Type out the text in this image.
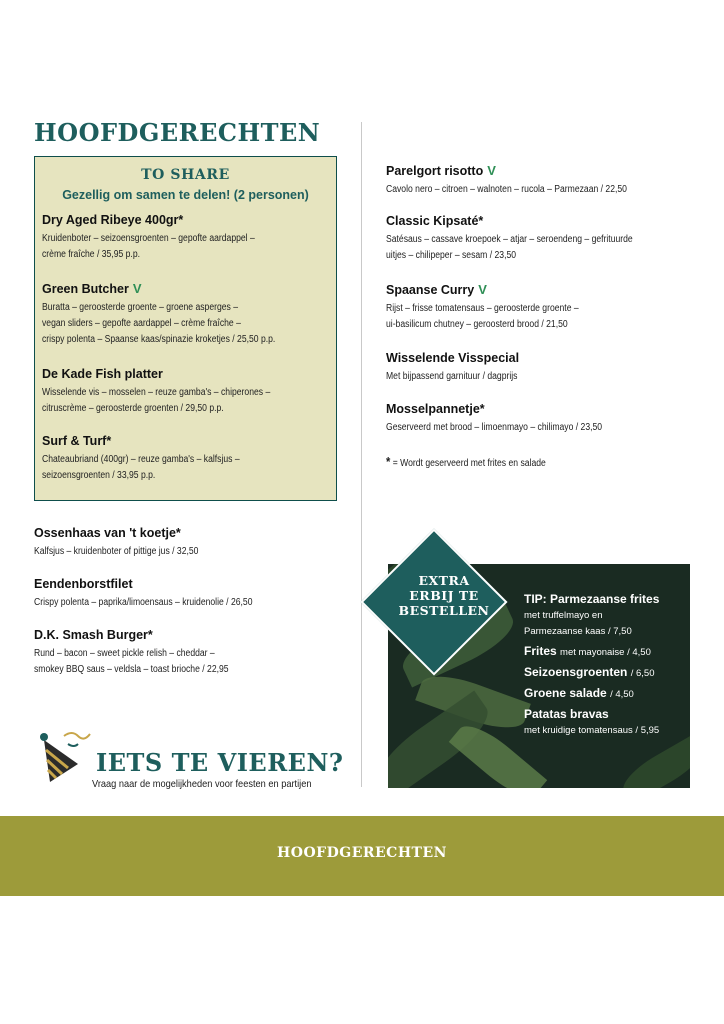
HOOFDGERECHTEN
TO SHARE
Gezellig om samen te delen! (2 personen)
Dry Aged Ribeye 400gr*
Kruidenboter – seizoensgroenten – gepofte aardappel –
crème fraîche / 35,95 p.p.
Green Butcher V
Buratta – geroosterde groente – groene asperges –
vegan sliders – gepofte aardappel – crème fraîche –
crispy polenta – Spaanse kaas/spinazie kroketjes / 25,50 p.p.
De Kade Fish platter
Wisselende vis – mosselen – reuze gamba's – chiperones –
citruscrème – geroosterde groenten / 29,50 p.p.
Surf & Turf*
Chateaubriand (400gr) – reuze gamba's – kalfsjus –
seizoensgroenten / 33,95 p.p.
Ossenhaas van 't koetje*
Kalfsjus – kruidenboter of pittige jus / 32,50
Eendenborstfilet
Crispy polenta – paprika/limoensaus – kruidenolie / 26,50
D.K. Smash Burger*
Rund – bacon – sweet pickle relish – cheddar –
smokey BBQ saus – veldsla – toast brioche / 22,95
Parelgort risotto V
Cavolo nero – citroen – walnoten – rucola – Parmezaan / 22,50
Classic Kipsaté*
Satésaus – cassave kroepoek – atjar – seroendeng – gefrituurde
uitjes – chilipeper – sesam / 23,50
Spaanse Curry V
Rijst – frisse tomatensaus – geroosterde groente –
ui-basilicum chutney – geroosterd brood / 21,50
Wisselende Visspecial
Met bijpassend garnituur / dagprijs
Mosselpannetje*
Geserveerd met brood – limoenmayo – chilimayo / 23,50
* = Wordt geserveerd met frites en salade
EXTRA
ERBIJ TE
BESTELLEN
TIP: Parmezaanse frites
met truffelmayo en
Parmezaanse kaas / 7,50
Frites met mayonaise / 4,50
Seizoensgroenten / 6,50
Groene salade / 4,50
Patatas bravas
met kruidige tomatensaus / 5,95
IETS TE VIEREN?
Vraag naar de mogelijkheden voor feesten en partijen
HOOFDGERECHTEN
